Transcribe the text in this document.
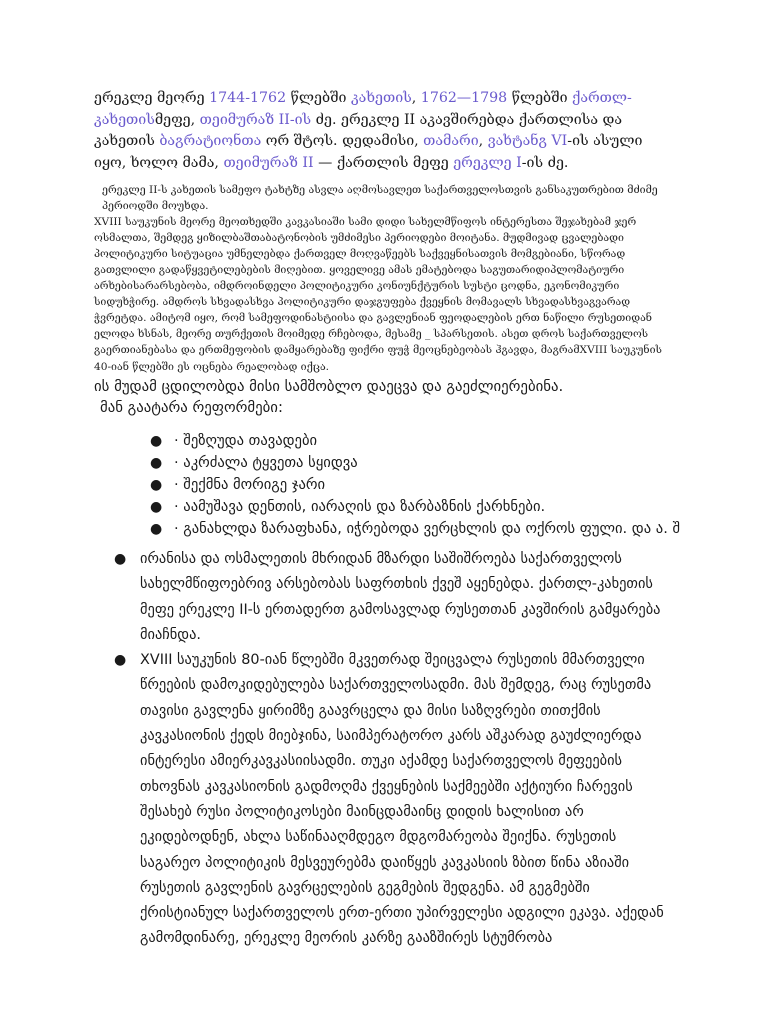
ერეკლე მეორე 1744-1762 წლებში კახეთის, 1762—1798 წლებში ქართლ-კახეთისმეფე, თეიმურაზ II-ის ძე. ერეკლე II აკავშირებდა ქართლისა და კახეთის ბაგრატიონთა ორ შტოს. დედამისი, თამარი, ვახტანგ VI-ის ასული იყო, ხოლო მამა, თეიმურაზ II — ქართლის მეფე ერეკლე I-ის ძე.

ერეკლე II-ს კახეთის სამეფო ტახტზე ასვლა აღმოსავლეთ საქართველოსთვის განსაკუთრებით მძიმე პერიოდში მოუხდა.

XVIII საუკუნის მეორე მეოთხედში კავკასიაში სამი დიდი სახელმწიფოს ინტერესთა შეჯახებამ ჯერ ოსმალთა, შემდეგ ყიზილბაშთაბატონობის უმძიმესი პერიოდები მოიტანა. მუდმივად ცვალებადი პოლიტიკური სიტუაცია უმნელებდა ქართველ მოღვაწეებს საქვეყნისათვის მომგებიანი, სწორად გათვლილი გადაწყვეტილებების მიღებით. ყოველივე ამას ემატებოდა საგუთარიდიპლომატიური არხებისარარსებობა, იმდროინდელი პოლიტიკური კონიუნქტურის სუსტი ცოდნა, ეკონომიკური სიდუხჭირე. ამდროს სხვადასხვა პოლიტიკური დაჯგუფება ქვეყნის მომავალს სხვადასხვაგვარად ჭვრეტდა. ამიტომ იყო, რომ სამეფოდინასტიისა და გავლენიან ფეოდალების ერთ ნაწილი რუსეთიდან ელოდა ხსნას, მეორე თურქეთის მოიმედე რჩებოდა, მესამე _ სპარსეთის. ასეთ დროს საქართველოს გაერთიანებასა და ერთმეფობის დამყარებაზე ფიქრი ფუჭ მეოცნებეობას ჰგავდა, მაგრამXVIII საუკუნის 40-იან წლებში ეს ოცნება რეალობად იქცა.

ის მუდამ ცდილობდა მისი სამშობლო დაეცვა და გაეძლიერებინა.

მან გაატარა რეფორმები:

● · შეზღუდა თავადები
● · აკრძალა ტყვეთა სყიდვა
● · შექმნა მორიგე ჯარი
● · აამუშავა დენთის, იარაღის და ზარბაზნის ქარხნები.
● · განახლდა ზარაფხანა, იჭრებოდა ვერცხლის და ოქროს ფული. და ა. შ
● ირანისა და ოსმალეთის მხრიდან მზარდი საშიშროება საქართველოს სახელმწიფოებრივ არსებობას საფრთხის ქვეშ აყენებდა. ქართლ-კახეთის მეფე ერეკლე II-ს ერთადერთ გამოსავლად რუსეთთან კავშირის გამყარება მიაჩნდა.
● XVIII საუკუნის 80-იან წლებში მკვეთრად შეიცვალა რუსეთის მმართველი წრეების დამოკიდებულება საქართველოსადმი. მას შემდეგ, რაც რუსეთმა თავისი გავლენა ყირიმზე გაავრცელა და მისი საზღვრები თითქმის კავკასიონის ქედს მიებჯინა, საიმპერატორო კარს აშკარად გაუძლიერდა ინტერესი ამიერკავკასიისადმი. თუკი აქამდე საქართველოს მეფეების თხოვნას კავკასიონის გადმოღმა ქვეყნების საქმეებში აქტიური ჩარევის შესახებ რუსი პოლიტიკოსები მაინცდამაინც დიდის ხალისით არ ეკიდებოდნენ, ახლა საწინააღმდეგო მდგომარეობა შეიქნა. რუსეთის საგარეო პოლიტიკის მესვეურებმა დაიწყეს კავკასიის ზბით წინა აზიაში რუსეთის გავლენის გავრცელების გეგმების შედგენა. ამ გეგმებში ქრისტიანულ საქართველოს ერთ-ერთი უპირველესი ადგილი ეკავა. აქედან გამომდინარე, ერეკლე მეორის კარზე გააზშირეს სტუმრობა
